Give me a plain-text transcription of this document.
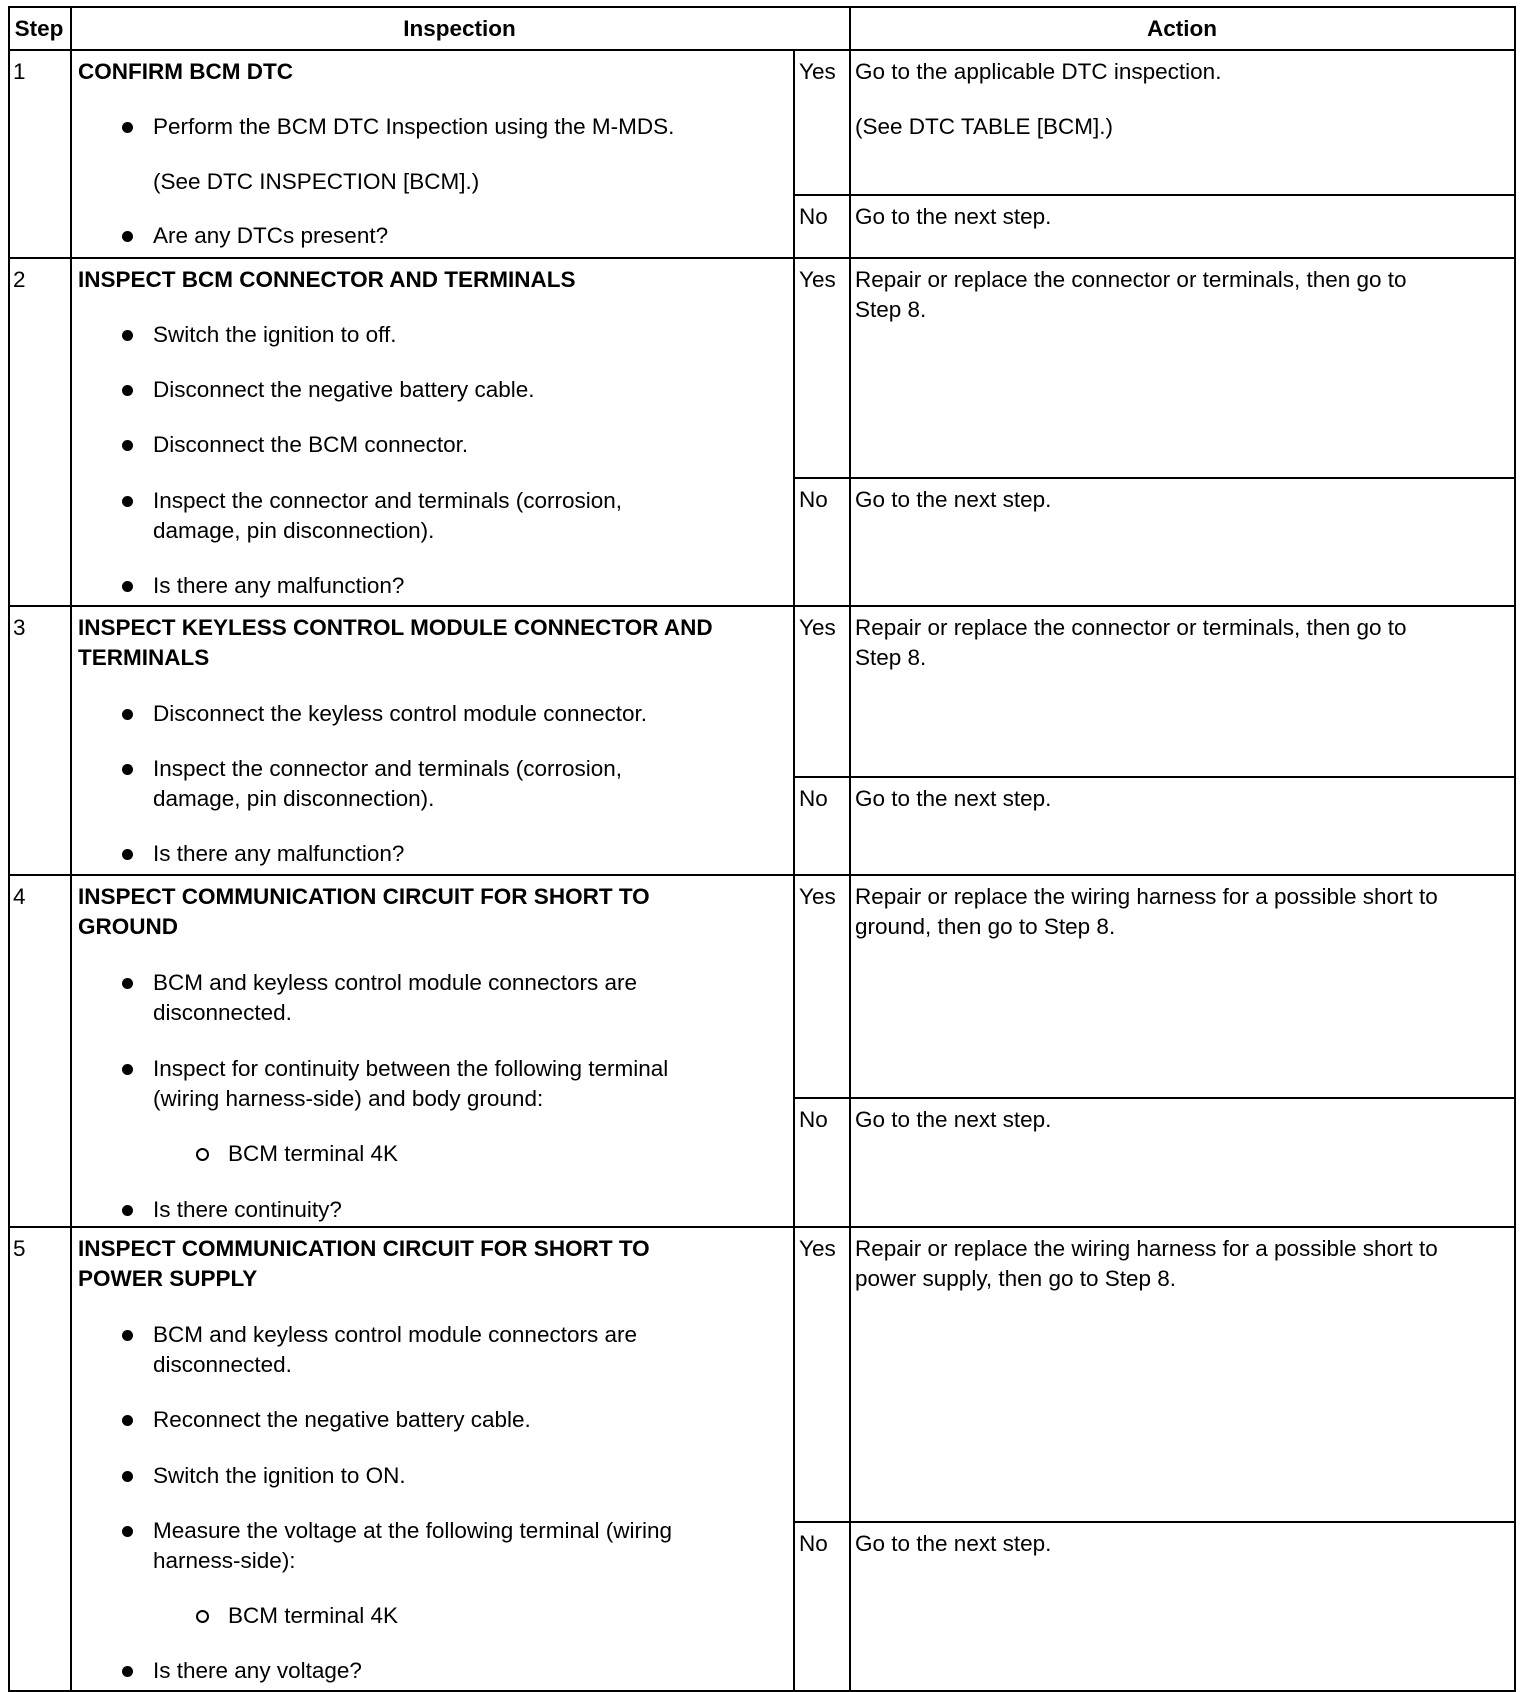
Step	Inspection	Action
1 CONFIRM BCM DTC
Perform the BCM DTC Inspection using the M-MDS.
(See DTC INSPECTION [BCM].)
Are any DTCs present?
Yes Go to the applicable DTC inspection.
(See DTC TABLE [BCM].)
No Go to the next step.
2 INSPECT BCM CONNECTOR AND TERMINALS
Switch the ignition to off.
Disconnect the negative battery cable.
Disconnect the BCM connector.
Inspect the connector and terminals (corrosion,
damage, pin disconnection).
Is there any malfunction?
Yes Repair or replace the connector or terminals, then go to
Step 8.
No Go to the next step.
3 INSPECT KEYLESS CONTROL MODULE CONNECTOR AND
TERMINALS
Disconnect the keyless control module connector.
Inspect the connector and terminals (corrosion,
damage, pin disconnection).
Is there any malfunction?
Yes Repair or replace the connector or terminals, then go to
Step 8.
No Go to the next step.
4 INSPECT COMMUNICATION CIRCUIT FOR SHORT TO
GROUND
BCM and keyless control module connectors are
disconnected.
Inspect for continuity between the following terminal
(wiring harness-side) and body ground:
BCM terminal 4K
Is there continuity?
Yes Repair or replace the wiring harness for a possible short to
ground, then go to Step 8.
No Go to the next step.
5 INSPECT COMMUNICATION CIRCUIT FOR SHORT TO
POWER SUPPLY
BCM and keyless control module connectors are
disconnected.
Reconnect the negative battery cable.
Switch the ignition to ON.
Measure the voltage at the following terminal (wiring
harness-side):
BCM terminal 4K
Is there any voltage?
Yes Repair or replace the wiring harness for a possible short to
power supply, then go to Step 8.
No Go to the next step.
